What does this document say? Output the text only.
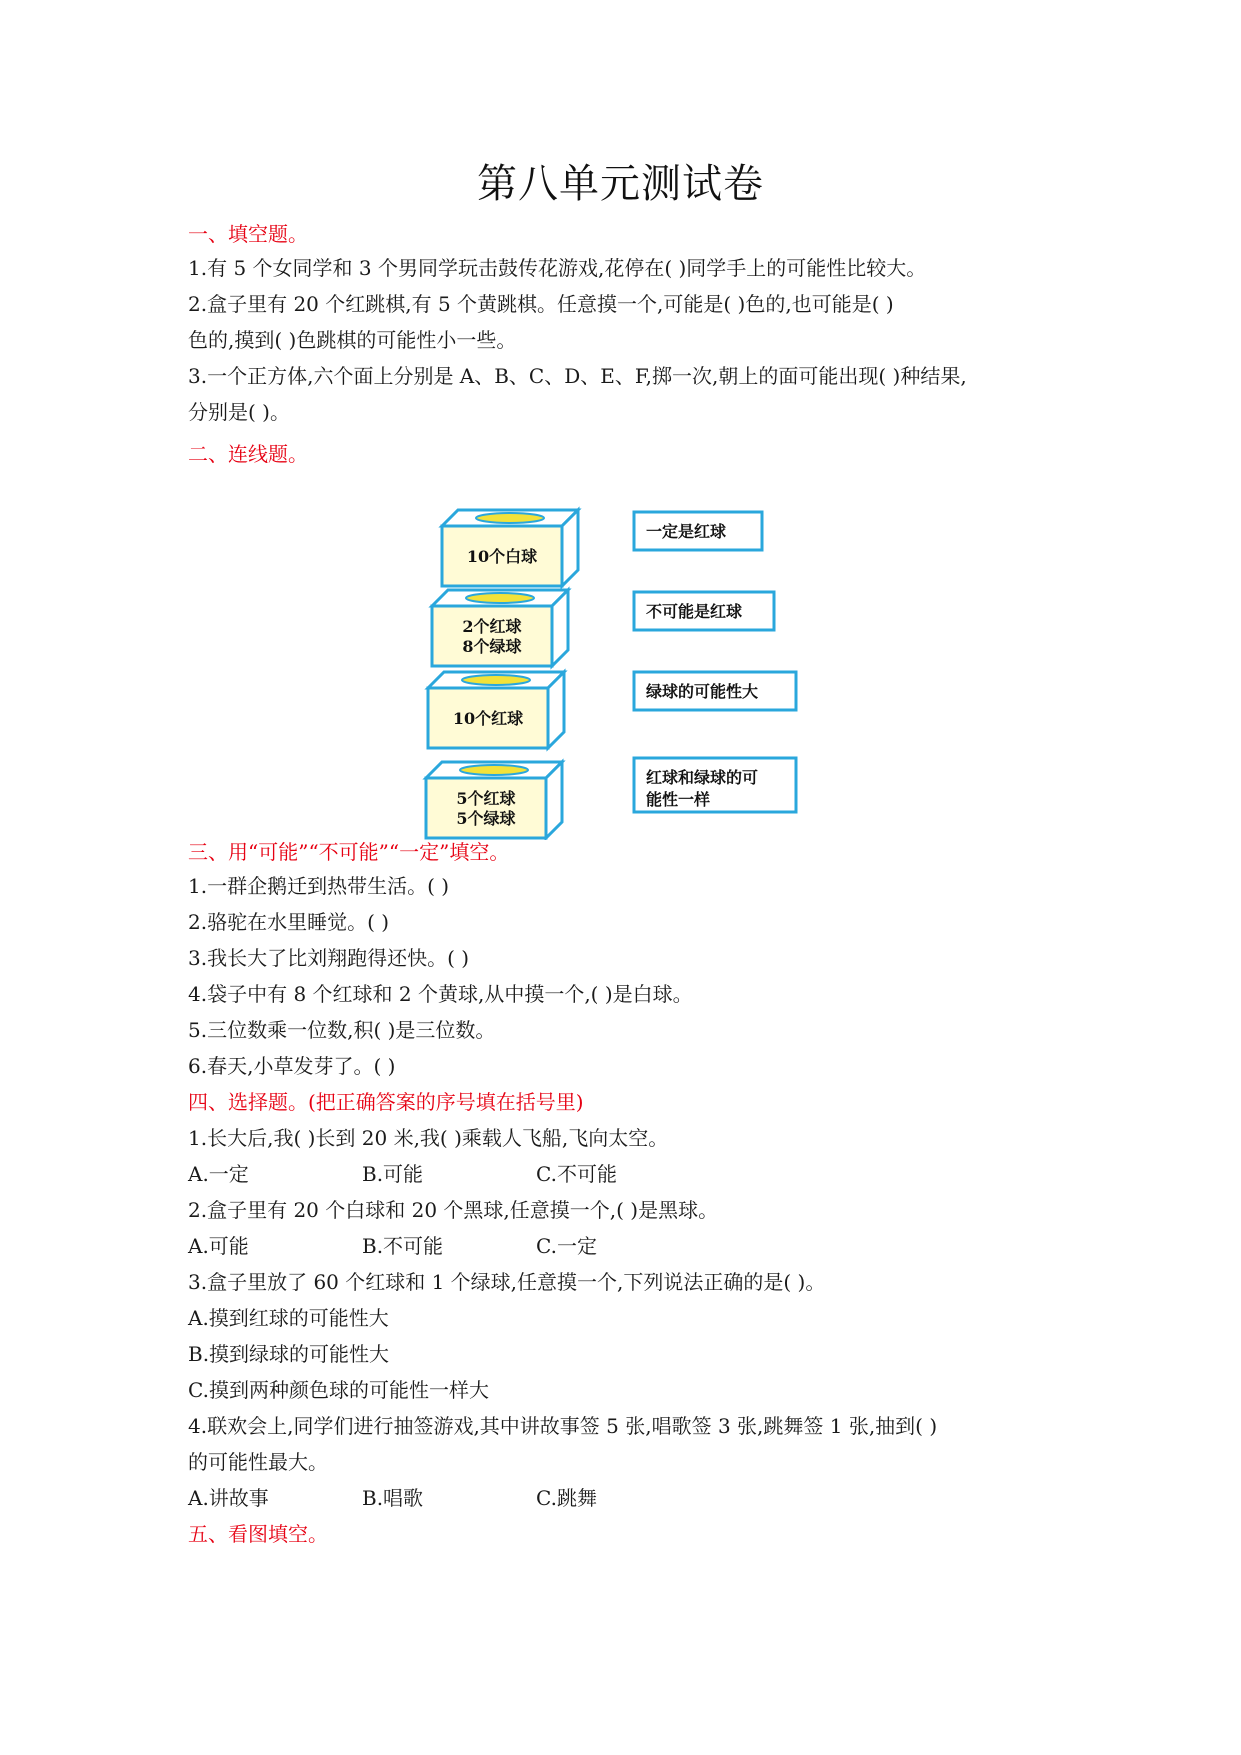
第八单元测试卷
一、填空题。
1.有 5 个女同学和 3 个男同学玩击鼓传花游戏,花停在( )同学手上的可能性比较大。
2.盒子里有 20 个红跳棋,有 5 个黄跳棋。任意摸一个,可能是( )色的,也可能是( )
色的,摸到( )色跳棋的可能性小一些。
3.一个正方体,六个面上分别是 A、B、C、D、E、F,掷一次,朝上的面可能出现( )种结果,
分别是( )。
二、连线题。
10个白球
2个红球
8个绿球
10个红球
5个红球
5个绿球
一定是红球
不可能是红球
绿球的可能性大
红球和绿球的可
能性一样
三、用“可能”“不可能”“一定”填空。
1.一群企鹅迁到热带生活。( )
2.骆驼在水里睡觉。( )
3.我长大了比刘翔跑得还快。( )
4.袋子中有 8 个红球和 2 个黄球,从中摸一个,( )是白球。
5.三位数乘一位数,积( )是三位数。
6.春天,小草发芽了。( )
四、选择题。(把正确答案的序号填在括号里)
1.长大后,我( )长到 20 米,我( )乘载人飞船,飞向太空。
A.一定	B.可能	C.不可能
2.盒子里有 20 个白球和 20 个黑球,任意摸一个,( )是黑球。
A.可能	B.不可能	C.一定
3.盒子里放了 60 个红球和 1 个绿球,任意摸一个,下列说法正确的是( )。
A.摸到红球的可能性大
B.摸到绿球的可能性大
C.摸到两种颜色球的可能性一样大
4.联欢会上,同学们进行抽签游戏,其中讲故事签 5 张,唱歌签 3 张,跳舞签 1 张,抽到( )
的可能性最大。
A.讲故事	B.唱歌	C.跳舞
五、看图填空。
